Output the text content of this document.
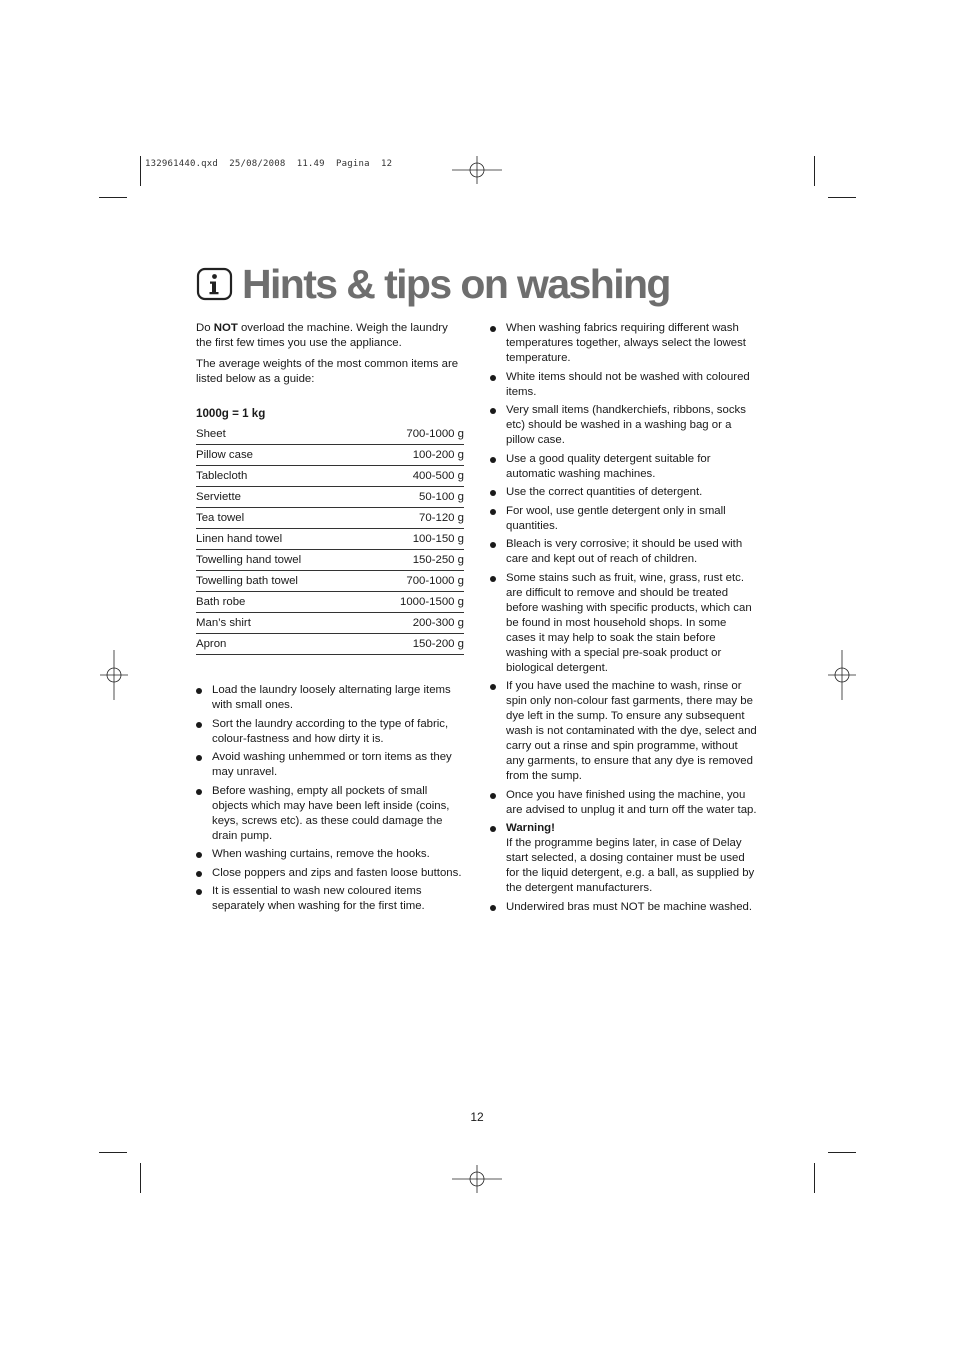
132961440.qxd  25/08/2008  11.49  Pagina  12
Hints & tips on washing

Do NOT overload the machine. Weigh the laundry the first few times you use the appliance.

The average weights of the most common items are listed below as a guide:

1000g = 1 kg
Sheet	700-1000 g
Pillow case	100-200 g
Tablecloth	400-500 g
Serviette	50-100 g
Tea towel	70-120 g
Linen hand towel	100-150 g
Towelling hand towel	150-250 g
Towelling bath towel	700-1000 g
Bath robe	1000-1500 g
Man’s shirt	200-300 g
Apron	150-200 g
Load the laundry loosely alternating large items with small ones.
Sort the laundry according to the type of fabric, colour-fastness and how dirty it is.
Avoid washing unhemmed or torn items as they may unravel.
Before washing, empty all pockets of small objects which may have been left inside (coins, keys, screws etc). as these could damage the drain pump.
When washing curtains, remove the hooks.
Close poppers and zips and fasten loose buttons.
It is essential to wash new coloured items separately when washing for the first time.
When washing fabrics requiring different wash temperatures together, always select the lowest temperature.
White items should not be washed with coloured items.
Very small items (handkerchiefs, ribbons, socks etc) should be washed in a washing bag or a pillow case.
Use a good quality detergent suitable for automatic washing machines.
Use the correct quantities of detergent.
For wool, use gentle detergent only in small quantities.
Bleach is very corrosive; it should be used with care and kept out of reach of children.
Some stains such as fruit, wine, grass, rust etc. are difficult to remove and should be treated before washing with specific products, which can be found in most household shops. In some cases it may help to soak the stain before washing with a special pre-soak product or biological detergent.
If you have used the machine to wash, rinse or spin only non-colour fast garments, there may be dye left in the sump. To ensure any subsequent wash is not contaminated with the dye, select and carry out a rinse and spin programme, without any garments, to ensure that any dye is removed from the sump.
Once you have finished using the machine, you are advised to unplug it and turn off the water tap.
Warning!
If the programme begins later, in case of Delay start selected, a dosing container must be used for the liquid detergent, e.g. a ball, as supplied by the detergent manufacturers.
Underwired bras must NOT be machine washed.
12
